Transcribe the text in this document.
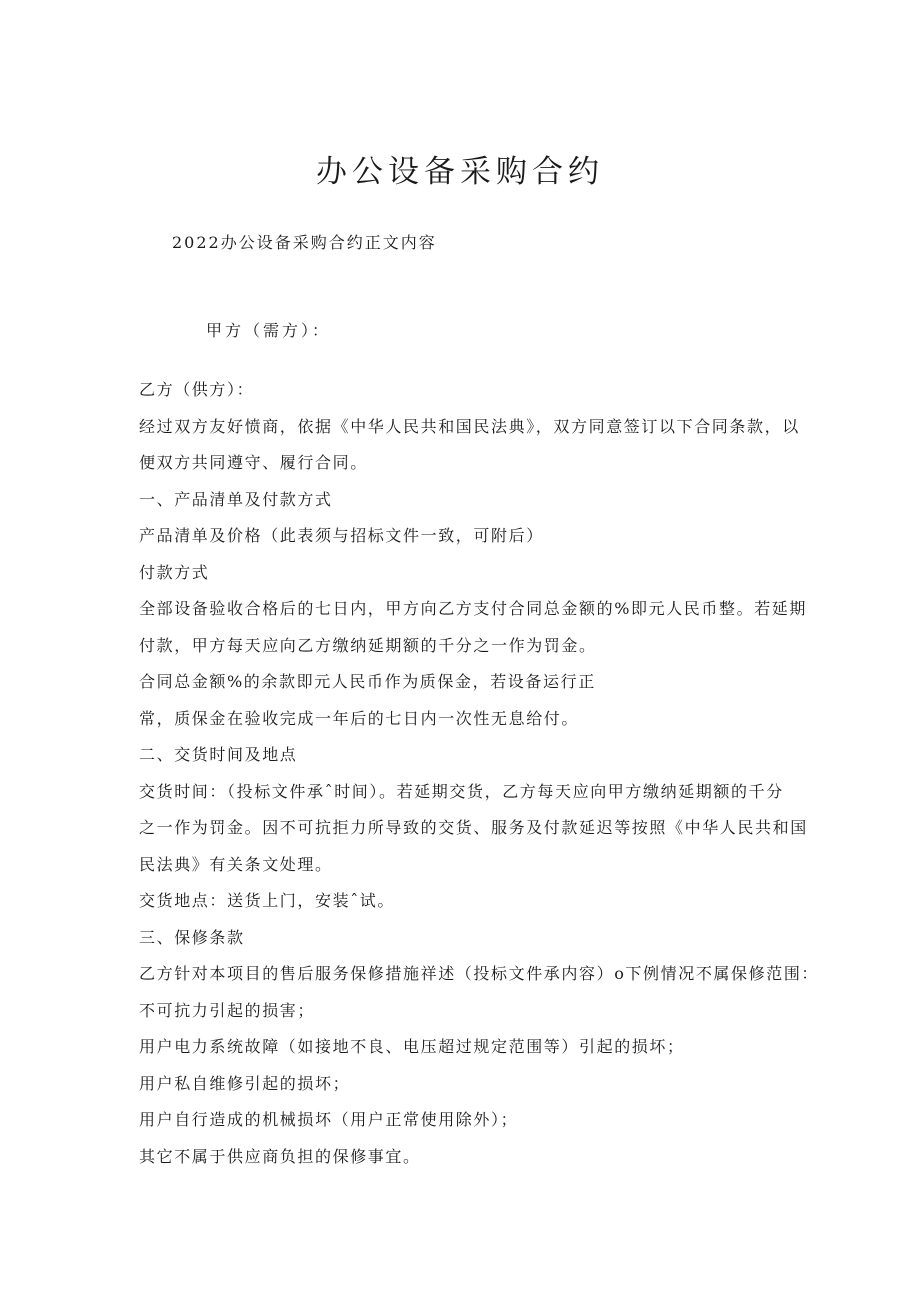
办公设备采购合约
2022办公设备采购合约正文内容
甲方（需方）：
乙方（供方）：
经过双方友好愤商，依据《中华人民共和国民法典》，双方同意签订以下合同条款，以
便双方共同遵守、履行合同。
一、产品清单及付款方式
产品清单及价格（此表须与招标文件一致，可附后）
付款方式
全部设备验收合格后的七日内，甲方向乙方支付合同总金额的%即元人民币整。若延期
付款，甲方每天应向乙方缴纳延期额的千分之一作为罚金。
合同总金额%的余款即元人民币作为质保金，若设备运行正
常，质保金在验收完成一年后的七日内一次性无息给付。
二、交货时间及地点
交货时间：（投标文件承ˆ时间）。若延期交货，乙方每天应向甲方缴纳延期额的千分
之一作为罚金。因不可抗拒力所导致的交货、服务及付款延迟等按照《中华人民共和国
民法典》有关条文处理。
交货地点：送货上门，安装ˆ试。
三、保修条款
乙方针对本项目的售后服务保修措施祥述（投标文件承内容）o下例情况不属保修范围：
不可抗力引起的损害；
用户电力系统故障（如接地不良、电压超过规定范围等）引起的损坏；
用户私自维修引起的损坏；
用户自行造成的机械损坏（用户正常使用除外）；
其它不属于供应商负担的保修事宜。
